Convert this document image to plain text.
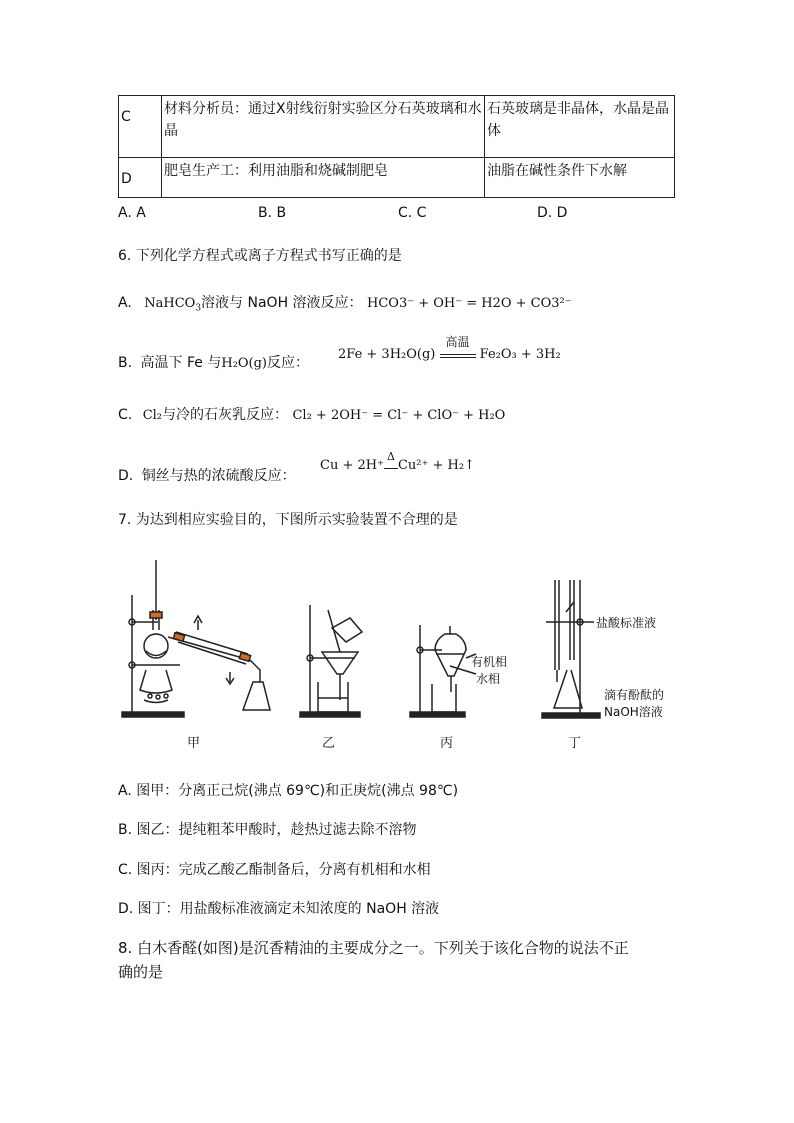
C	材料分析员：通过X射线衍射实验区分石英玻璃和水晶	石英玻璃是非晶体，水晶是晶体
D	肥皂生产工：利用油脂和烧碱制肥皂	油脂在碱性条件下水解
A. A	B. B	C. C	D. D
6. 下列化学方程式或离子方程式书写正确的是
A. NaHCO$_3$溶液与 NaOH 溶液反应： HCO3⁻ + OH⁻ = H2O + CO3²⁻
B. 高温下 Fe 与H₂O(g)反应：
2Fe + 3H₂O(g)
高温
Fe₂O₃ + 3H₂
C. Cl₂与冷的石灰乳反应： Cl₂ + 2OH⁻ = Cl⁻ + ClO⁻ + H₂O
D. 铜丝与热的浓硫酸反应：
Cu + 2H⁺
Δ
Cu²⁺ + H₂↑
7. 为达到相应实验目的，下图所示实验装置不合理的是
有机相
水相
盐酸标准液
滴有酚酞的
NaOH溶液
甲	乙	丙	丁
A. 图甲：分离正己烷(沸点 69℃)和正庚烷(沸点 98℃)
B. 图乙：提纯粗苯甲酸时，趁热过滤去除不溶物
C. 图丙：完成乙酸乙酯制备后，分离有机相和水相
D. 图丁：用盐酸标准液滴定未知浓度的 NaOH 溶液
8. 白木香醛(如图)是沉香精油的主要成分之一。下列关于该化合物的说法不正
确的是
